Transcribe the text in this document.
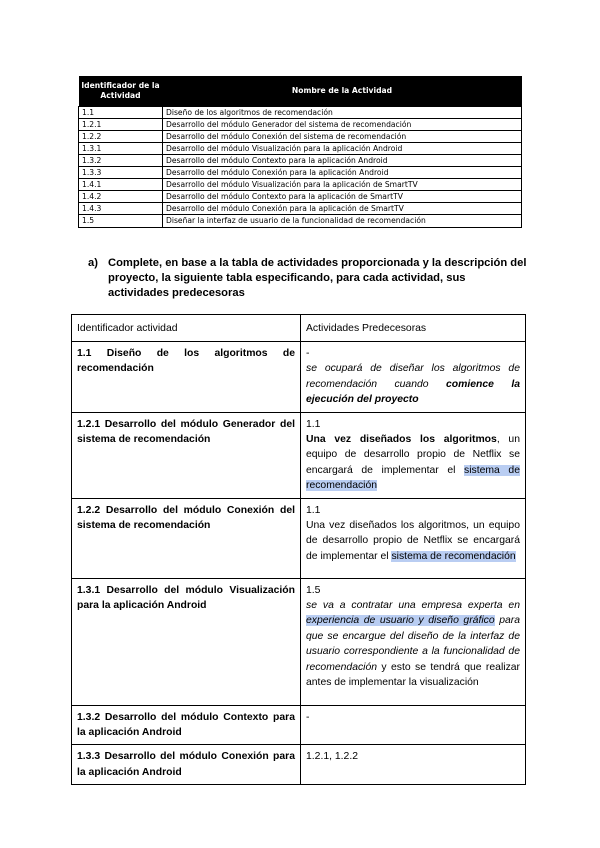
Identificador de la Actividad	Nombre de la Actividad
1.1	Diseño de los algoritmos de recomendación
1.2.1	Desarrollo del módulo Generador del sistema de recomendación
1.2.2	Desarrollo del módulo Conexión del sistema de recomendación
1.3.1	Desarrollo del módulo Visualización para la aplicación Android
1.3.2	Desarrollo del módulo Contexto para la aplicación Android
1.3.3	Desarrollo del módulo Conexión para la aplicación Android
1.4.1	Desarrollo del módulo Visualización para la aplicación de SmartTV
1.4.2	Desarrollo del módulo Contexto para la aplicación de SmartTV
1.4.3	Desarrollo del módulo Conexión para la aplicación de SmartTV
1.5	Diseñar la interfaz de usuario de la funcionalidad de recomendación
a) Complete, en base a la tabla de actividades proporcionada y la descripción del proyecto, la siguiente tabla especificando, para cada actividad, sus actividades predecesoras
Identificador actividad	Actividades Predecesoras
1.1 Diseño de los algoritmos de recomendación	-
se ocupará de diseñar los algoritmos de recomendación cuando comience la ejecución del proyecto
1.2.1 Desarrollo del módulo Generador del sistema de recomendación	1.1
Una vez diseñados los algoritmos, un equipo de desarrollo propio de Netflix se encargará de implementar el sistema de recomendación
1.2.2 Desarrollo del módulo Conexión del sistema de recomendación	1.1
Una vez diseñados los algoritmos, un equipo de desarrollo propio de Netflix se encargará de implementar el sistema de recomendación
1.3.1 Desarrollo del módulo Visualización para la aplicación Android	1.5
se va a contratar una empresa experta en experiencia de usuario y diseño gráfico para que se encargue del diseño de la interfaz de usuario correspondiente a la funcionalidad de recomendación y esto se tendrá que realizar antes de implementar la visualización
1.3.2 Desarrollo del módulo Contexto para la aplicación Android	-
1.3.3 Desarrollo del módulo Conexión para la aplicación Android	1.2.1, 1.2.2
